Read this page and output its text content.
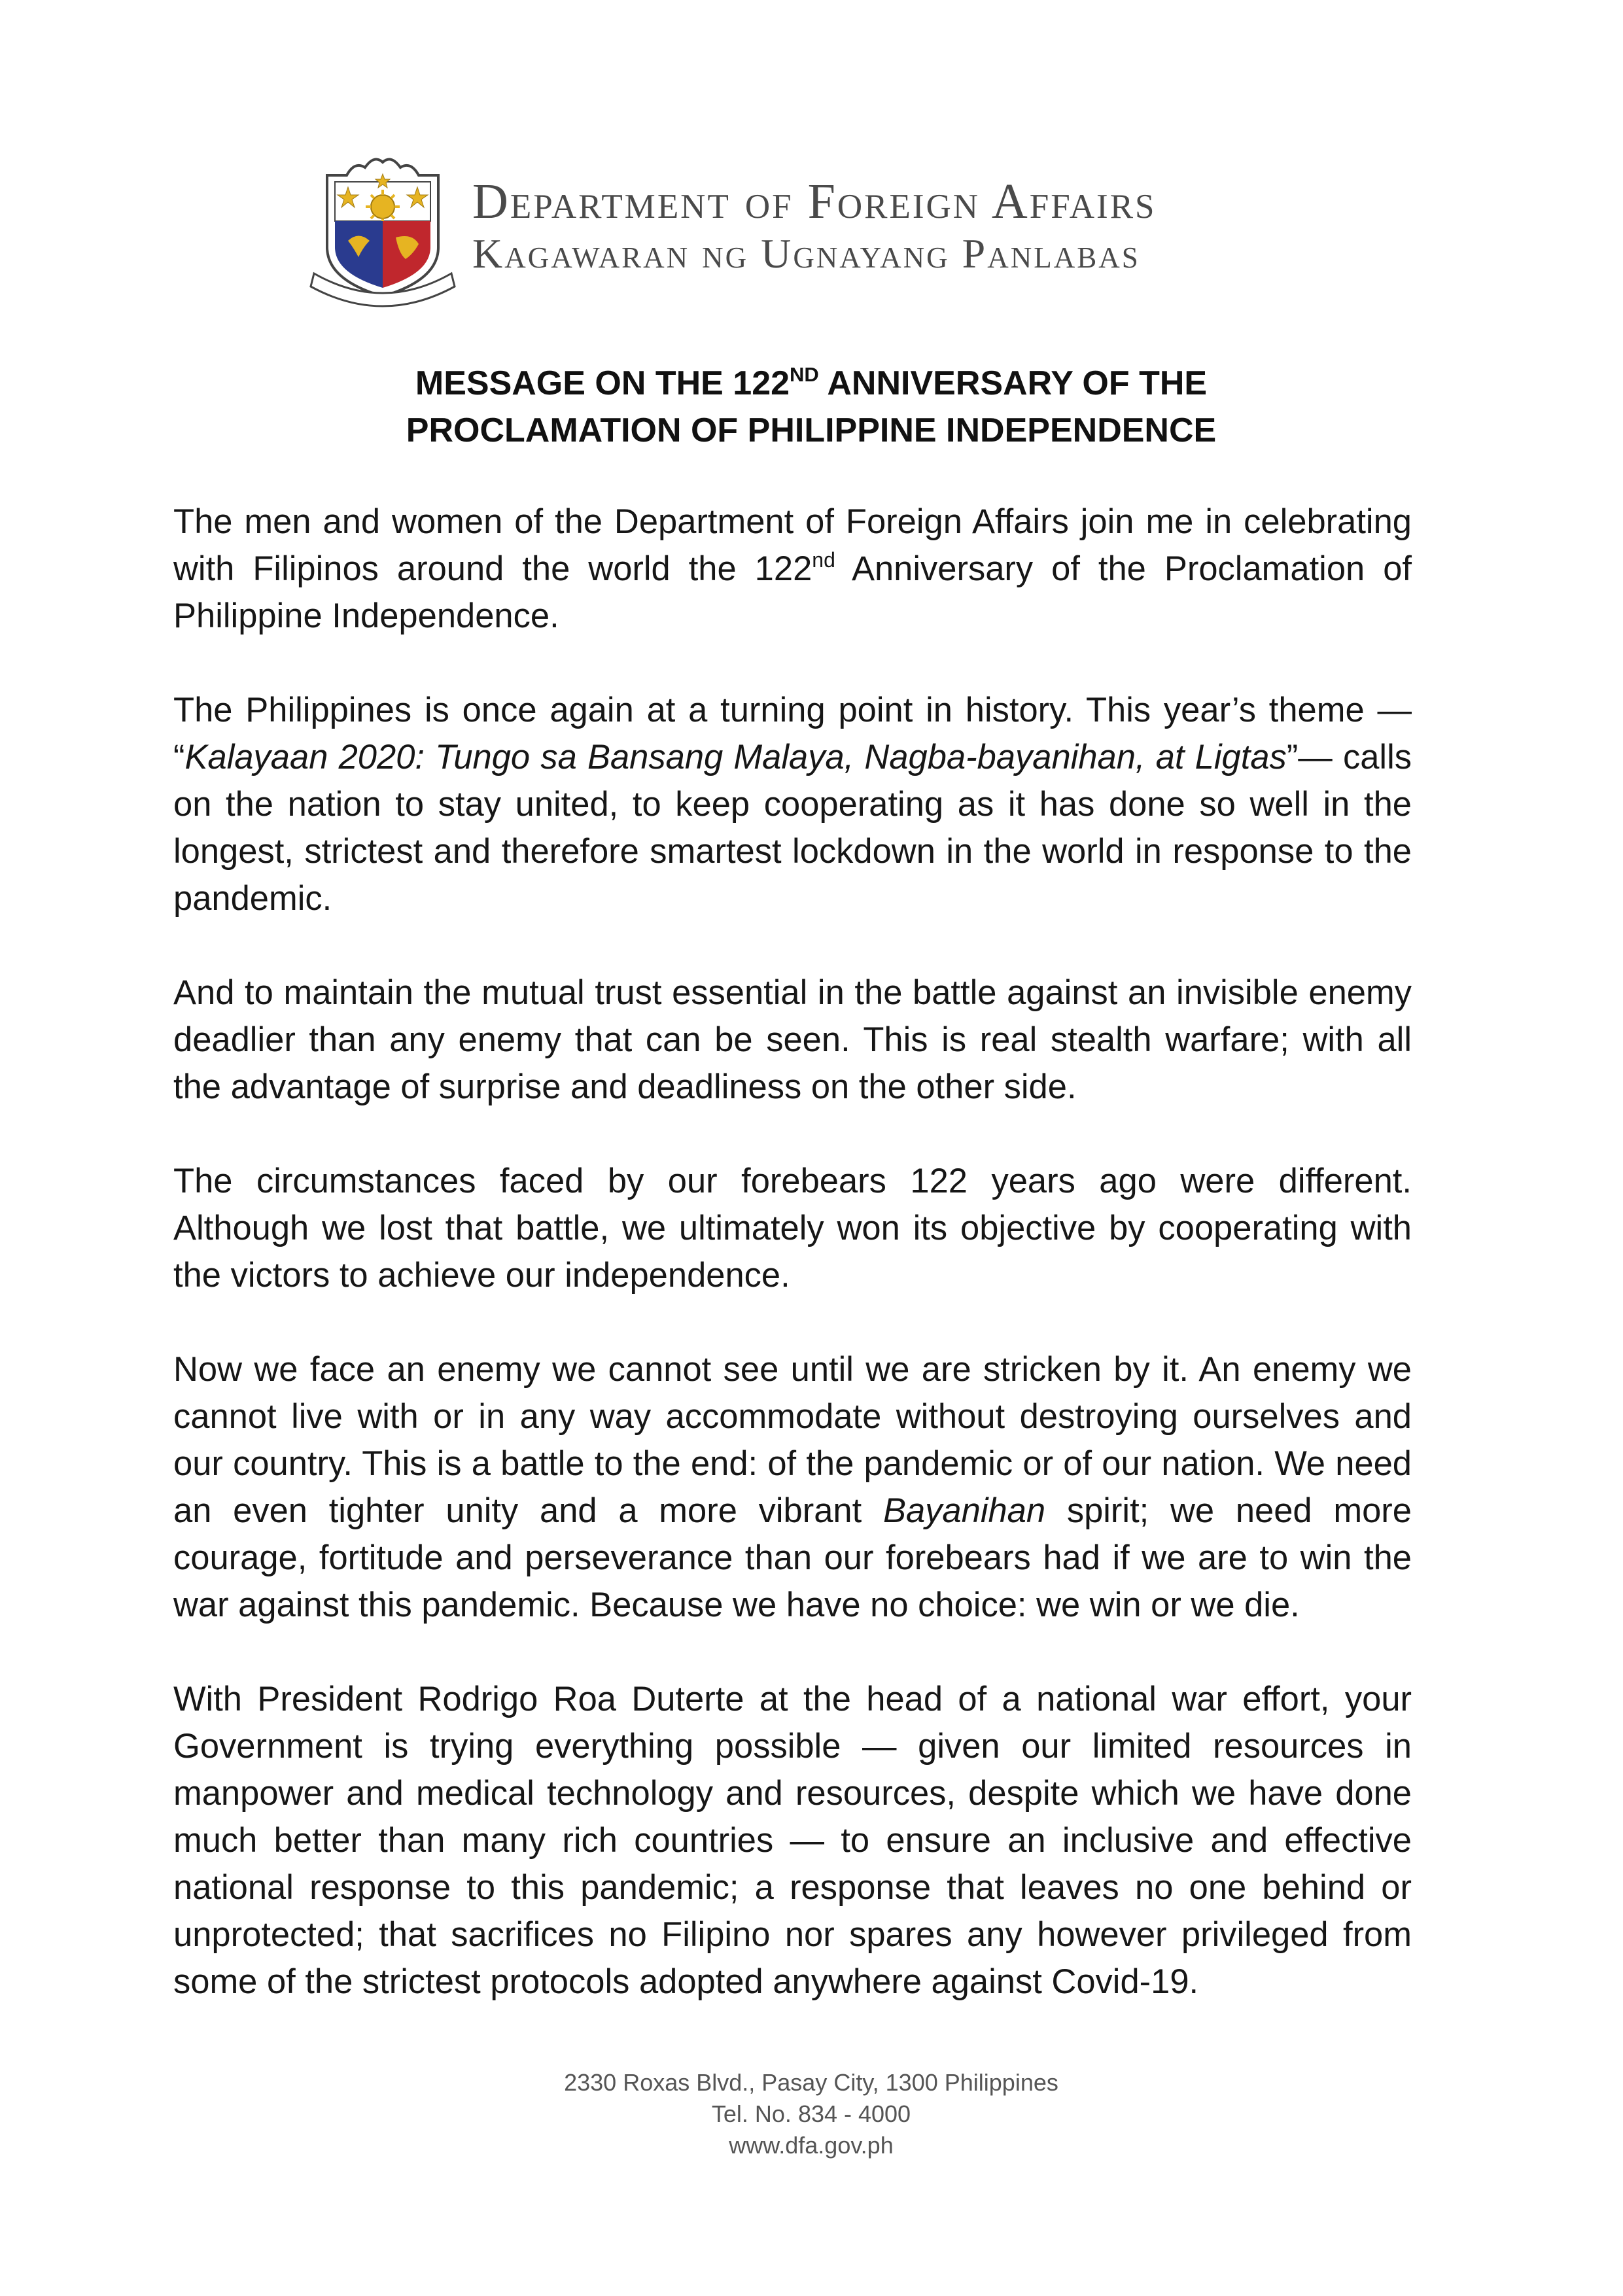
Department of Foreign Affairs
Kagawaran ng Ugnayang Panlabas
MESSAGE ON THE 122ND ANNIVERSARY OF THE
PROCLAMATION OF PHILIPPINE INDEPENDENCE

The men and women of the Department of Foreign Affairs join me in celebrating with Filipinos around the world the 122nd Anniversary of the Proclamation of Philippine Independence.

The Philippines is once again at a turning point in history. This year’s theme — “Kalayaan 2020: Tungo sa Bansang Malaya, Nagba-bayanihan, at Ligtas”— calls on the nation to stay united, to keep cooperating as it has done so well in the longest, strictest and therefore smartest lockdown in the world in response to the pandemic.

And to maintain the mutual trust essential in the battle against an invisible enemy deadlier than any enemy that can be seen. This is real stealth warfare; with all the advantage of surprise and deadliness on the other side.

The circumstances faced by our forebears 122 years ago were different. Although we lost that battle, we ultimately won its objective by cooperating with the victors to achieve our independence.

Now we face an enemy we cannot see until we are stricken by it. An enemy we cannot live with or in any way accommodate without destroying ourselves and our country. This is a battle to the end: of the pandemic or of our nation. We need an even tighter unity and a more vibrant Bayanihan spirit; we need more courage, fortitude and perseverance than our forebears had if we are to win the war against this pandemic. Because we have no choice: we win or we die.

With President Rodrigo Roa Duterte at the head of a national war effort, your Government is trying everything possible — given our limited resources in manpower and medical technology and resources, despite which we have done much better than many rich countries — to ensure an inclusive and effective national response to this pandemic; a response that leaves no one behind or unprotected; that sacrifices no Filipino nor spares any however privileged from some of the strictest protocols adopted anywhere against Covid-19.

2330 Roxas Blvd., Pasay City, 1300 Philippines
Tel. No. 834 - 4000
www.dfa.gov.ph
